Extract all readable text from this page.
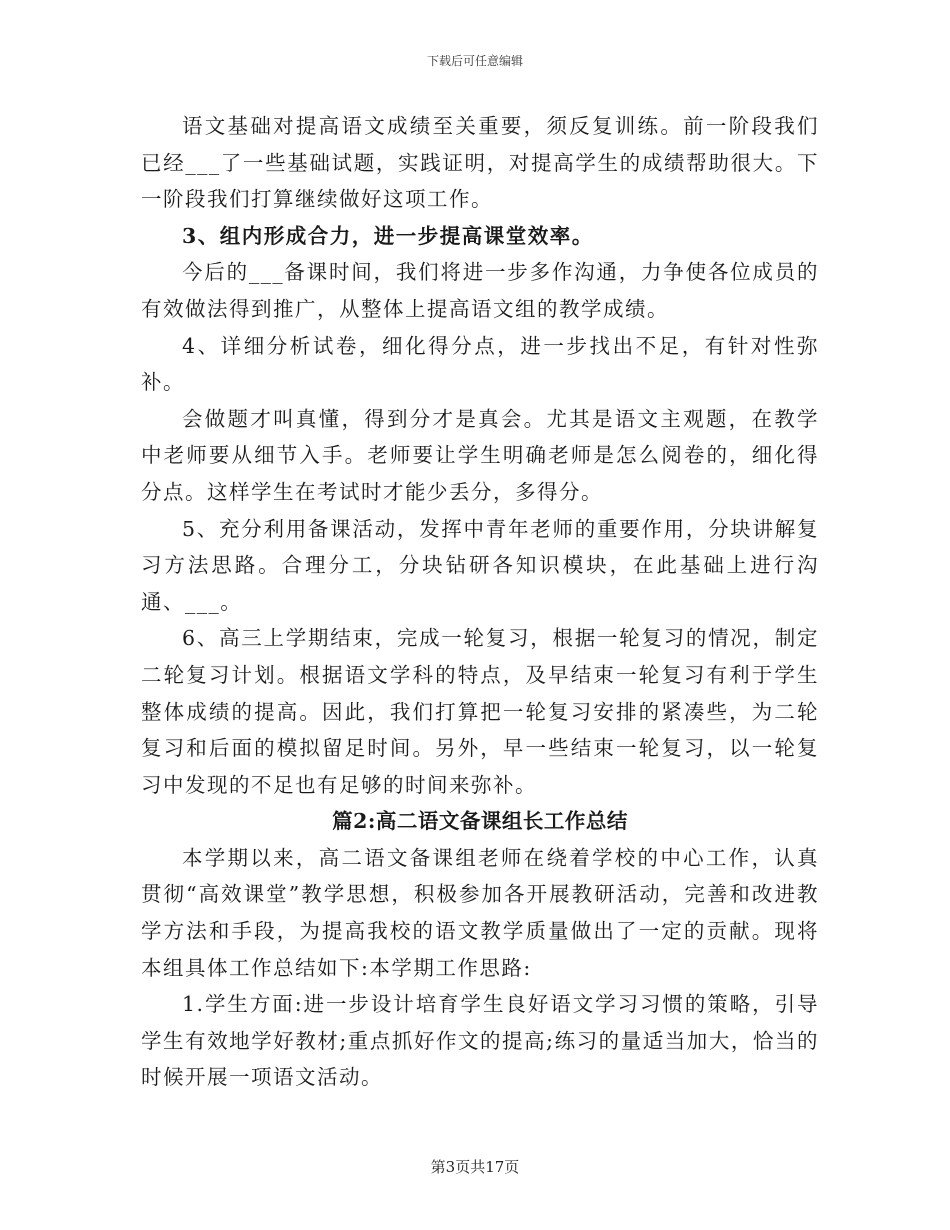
下载后可任意编辑

语文基础对提高语文成绩至关重要，须反复训练。前一阶段我们已经___了一些基础试题，实践证明，对提高学生的成绩帮助很大。下一阶段我们打算继续做好这项工作。

3、组内形成合力，进一步提高课堂效率。

今后的___备课时间，我们将进一步多作沟通，力争使各位成员的有效做法得到推广，从整体上提高语文组的教学成绩。

4、详细分析试卷，细化得分点，进一步找出不足，有针对性弥补。

会做题才叫真懂，得到分才是真会。尤其是语文主观题，在教学中老师要从细节入手。老师要让学生明确老师是怎么阅卷的，细化得分点。这样学生在考试时才能少丢分，多得分。

5、充分利用备课活动，发挥中青年老师的重要作用，分块讲解复习方法思路。合理分工，分块钻研各知识模块，在此基础上进行沟通、___。

6、高三上学期结束，完成一轮复习，根据一轮复习的情况，制定二轮复习计划。根据语文学科的特点，及早结束一轮复习有利于学生整体成绩的提高。因此，我们打算把一轮复习安排的紧凑些，为二轮复习和后面的模拟留足时间。另外，早一些结束一轮复习，以一轮复习中发现的不足也有足够的时间来弥补。

篇2:高二语文备课组长工作总结

本学期以来，高二语文备课组老师在绕着学校的中心工作，认真贯彻“高效课堂”教学思想，积极参加各开展教研活动，完善和改进教学方法和手段，为提高我校的语文教学质量做出了一定的贡献。现将本组具体工作总结如下:本学期工作思路:

1.学生方面:进一步设计培育学生良好语文学习习惯的策略，引导学生有效地学好教材;重点抓好作文的提高;练习的量适当加大，恰当的时候开展一项语文活动。

第3页共17页
